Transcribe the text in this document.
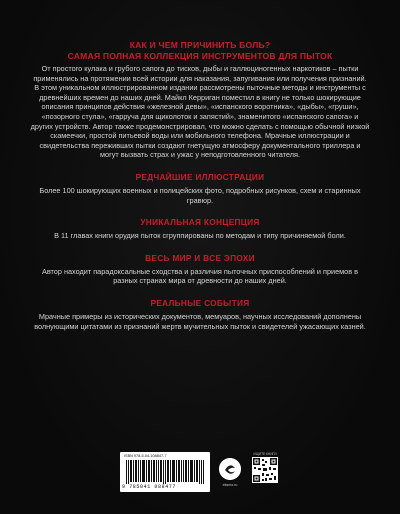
КАК И ЧЕМ ПРИЧИНИТЬ БОЛЬ?

САМАЯ ПОЛНАЯ КОЛЛЕКЦИЯ ИНСТРУМЕНТОВ ДЛЯ ПЫТОК

От простого кулака и грубого сапога до тисков, дыбы и галлюциногенных наркотиков – пытки применялись на протяжении всей истории для наказания, запугивания или получения признаний.

В этом уникальном иллюстрированном издании рассмотрены пыточные методы и инструменты с древнейших времен до наших дней. Майкл Керриган поместил в книгу не только шокирующие описания принципов действия «железной девы», «испанского воротника», «дыбы», «груши», «позорного стула», «гарруча для щиколоток и запястий», знаменитого «испанского сапога» и других устройств. Автор также продемонстрировал, что можно сделать с помощью обычной низкой скамеечки, простой питьевой воды или мобильного телефона. Мрачные иллюстрации и свидетельства переживших пытки создают гнетущую атмосферу документального триллера и могут вызвать страх и ужас у неподготовленного читателя.

РЕДЧАЙШИЕ ИЛЛЮСТРАЦИИ

Более 100 шокирующих военных и полицейских фото, подробных рисунков, схем и старинных гравюр.

УНИКАЛЬНАЯ КОНЦЕПЦИЯ

В 11 главах книги орудия пыток сгруппированы по методам и типу причиняемой боли.

ВЕСЬ МИР И ВСЕ ЭПОХИ

Автор находит парадоксальные сходства и различия пыточных приспособлений и приемов в разных странах мира от древности до наших дней.

РЕАЛЬНЫЕ СОБЫТИЯ

Мрачные примеры из исторических документов, мемуаров, научных исследований дополнены волнующими цитатами из признаний жертв мучительных пыток и свидетелей ужасающих казней.

ISBN 978-5-04-108847-7
9 785041 088477	eksmo.ru
ИЩИТЕ КНИГИ
